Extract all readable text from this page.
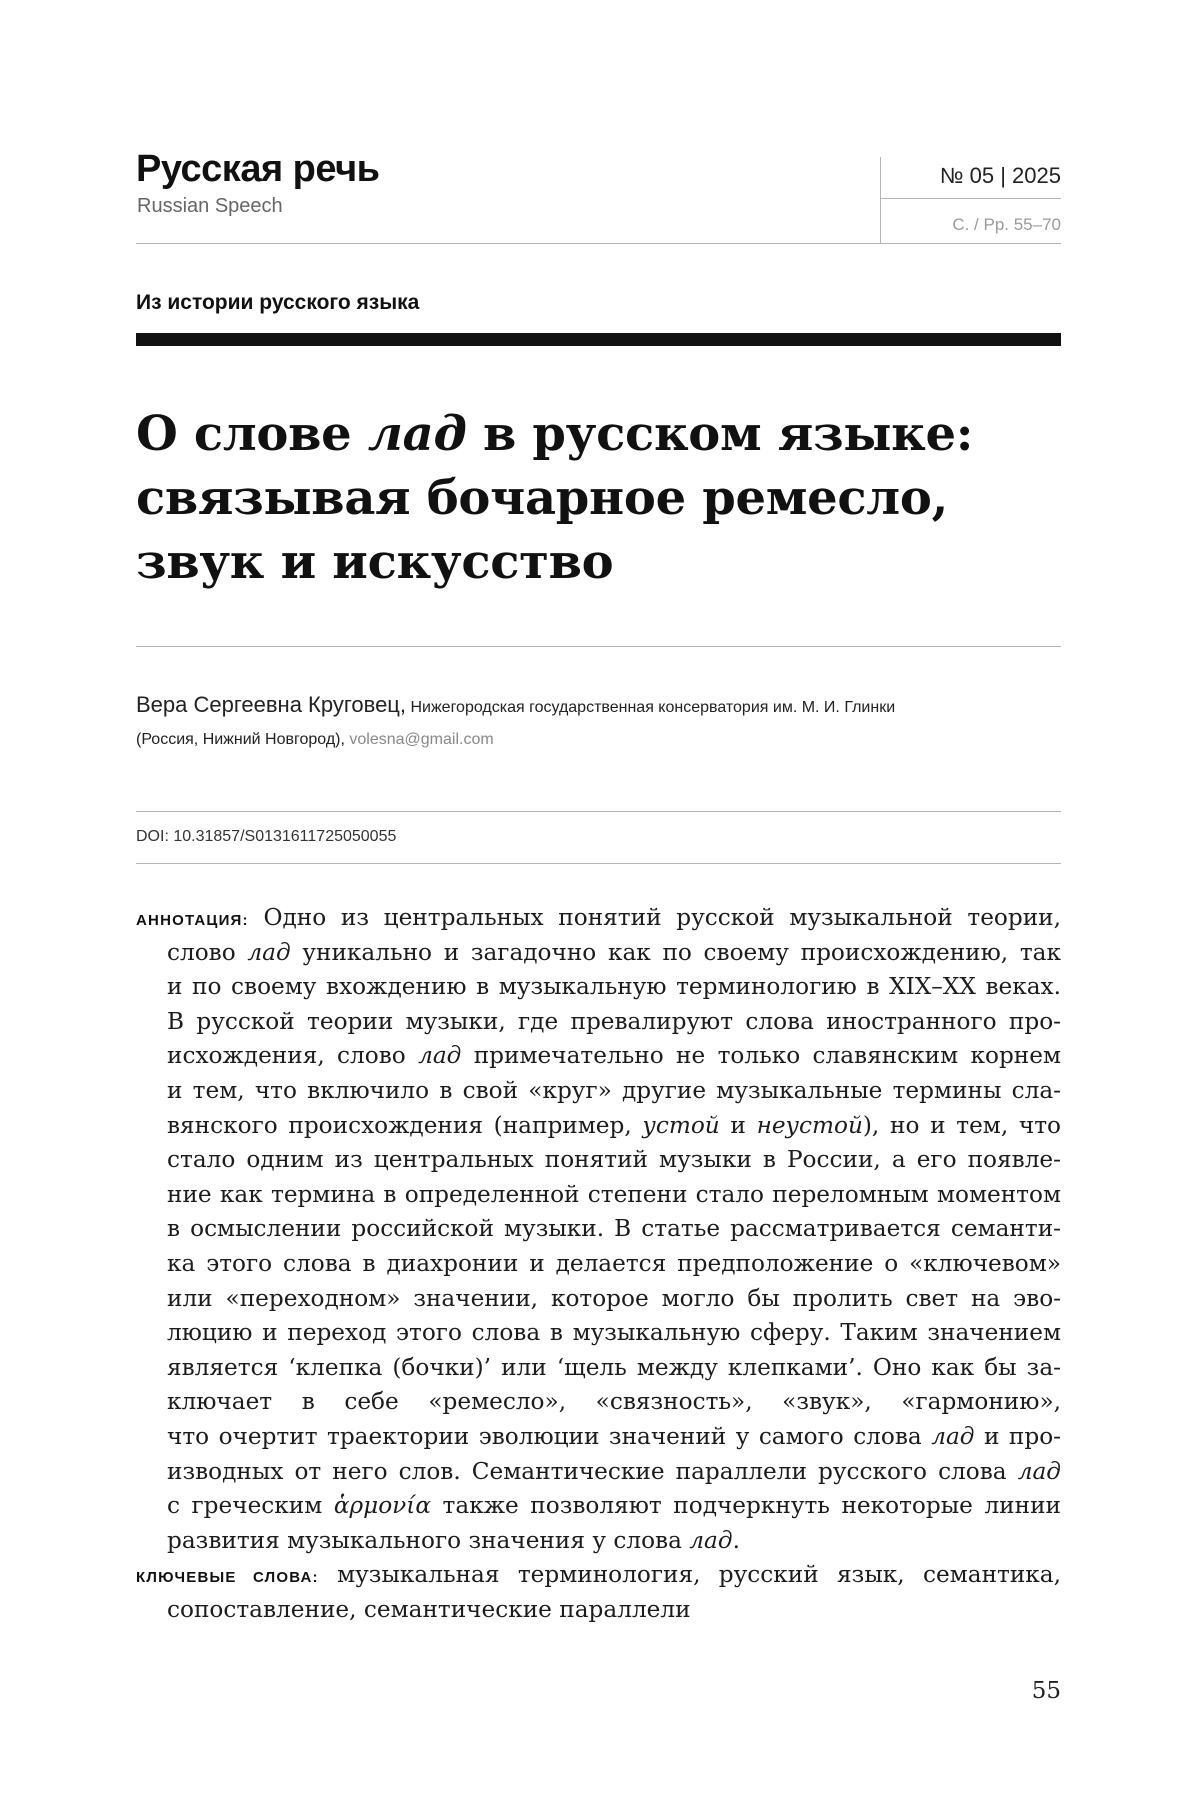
Русская речь
Russian Speech
№ 05 | 2025
С. / Pp. 55–70
Из истории русского языка
О слове лад в русском языке:
связывая бочарное ремесло,
звук и искусство
Вера Сергеевна Круговец, Нижегородская государственная консерватория им. М. И. Глинки
(Россия, Нижний Новгород), volesna@gmail.com
DOI: 10.31857/S0131611725050055
АННОТАЦИЯ: Одно из центральных понятий русской музыкальной теории,
слово лад уникально и загадочно как по своему происхождению, так
и по своему вхождению в музыкальную терминологию в XIX–XX веках.
В русской теории музыки, где превалируют слова иностранного про-
исхождения, слово лад примечательно не только славянским корнем
и тем, что включило в свой «круг» другие музыкальные термины сла-
вянского происхождения (например, устой и неустой), но и тем, что
стало одним из центральных понятий музыки в России, а его появле-
ние как термина в определенной степени стало переломным моментом
в осмыслении российской музыки. В статье рассматривается семанти-
ка этого слова в диахронии и делается предположение о «ключевом»
или «переходном» значении, которое могло бы пролить свет на эво-
люцию и переход этого слова в музыкальную сферу. Таким значением
является ‘клепка (бочки)’ или ‘щель между клепками’. Оно как бы за-
ключает в себе «ремесло», «связность», «звук», «гармонию»,
что очертит траектории эволюции значений у самого слова лад и про-
изводных от него слов. Семантические параллели русского слова лад
с греческим ἁρμονία также позволяют подчеркнуть некоторые линии
развития музыкального значения у слова лад.
КЛЮЧЕВЫЕ СЛОВА: музыкальная терминология, русский язык, семантика,
сопоставление, семантические параллели
55
